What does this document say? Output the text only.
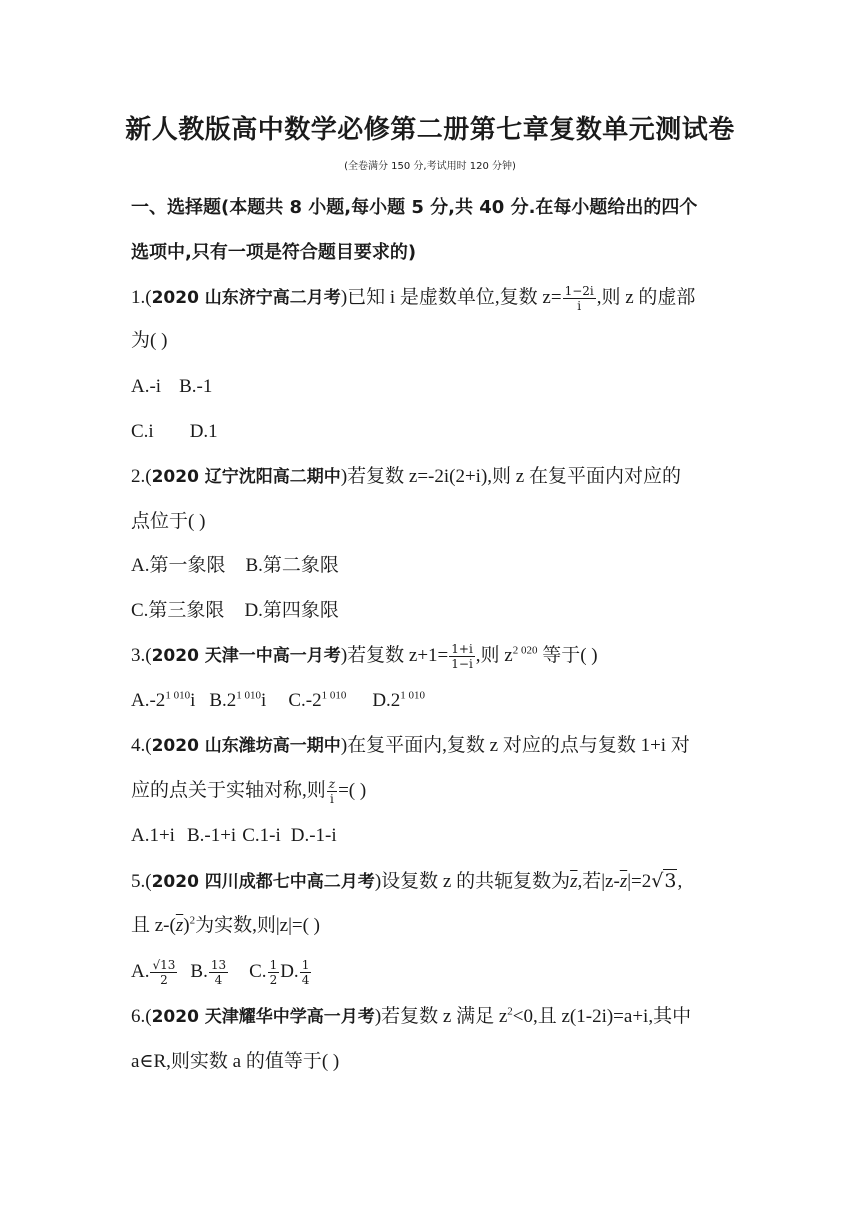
新人教版高中数学必修第二册第七章复数单元测试卷
(全卷满分 150 分,考试用时 120 分钟)
一、选择题(本题共 8 小题,每小题 5 分,共 40 分.在每小题给出的四个
选项中,只有一项是符合题目要求的)
1.(2020 山东济宁高二月考)已知 i 是虚数单位,复数 $z= \frac{1-2i}{i}$ ,则 z 的虚部
为( )
A.-i B.-1
C.i D.1
2.(2020 辽宁沈阳高二期中)若复数 z=-2i(2+i),则 z 在复平面内对应的
点位于( )
A.第一象限 B.第二象限
C.第三象限 D.第四象限
3.(2020 天津一中高一月考)若复数 $z+1= \frac{1+i}{1-i}$ ,则 $z^{2 020}$ 等于( )
$A.-2^{1 010}i$ $B.2^{1 010}i$ $C.-2^{1 010}$ $D.2^{1 010}$
4.(2020 山东潍坊高一期中)在复平面内,复数 z 对应的点与复数 1+i 对
应的点关于实轴对称,则 $\frac{z}{i}$ =( )
A.1+i B.-1+i C.1-i D.-1-i
5.(2020 四川成都七中高二月考)设复数 z 的共轭复数为$\overline{z}$,若$|z-\overline{z}|=2√3$,
且 $z-(\overline{z})^2$为实数,则|z|=( )
A. $\frac{√13}{2} B$. $\frac{13}{4} C$. $\frac{1}{2} D$. $\frac{1}{4}$
6.(2020 天津耀华中学高一月考)若复数 z 满足 $z^2<0$,且 z(1-2i)=a+i,其中
a∈R,则实数 a 的值等于( )
